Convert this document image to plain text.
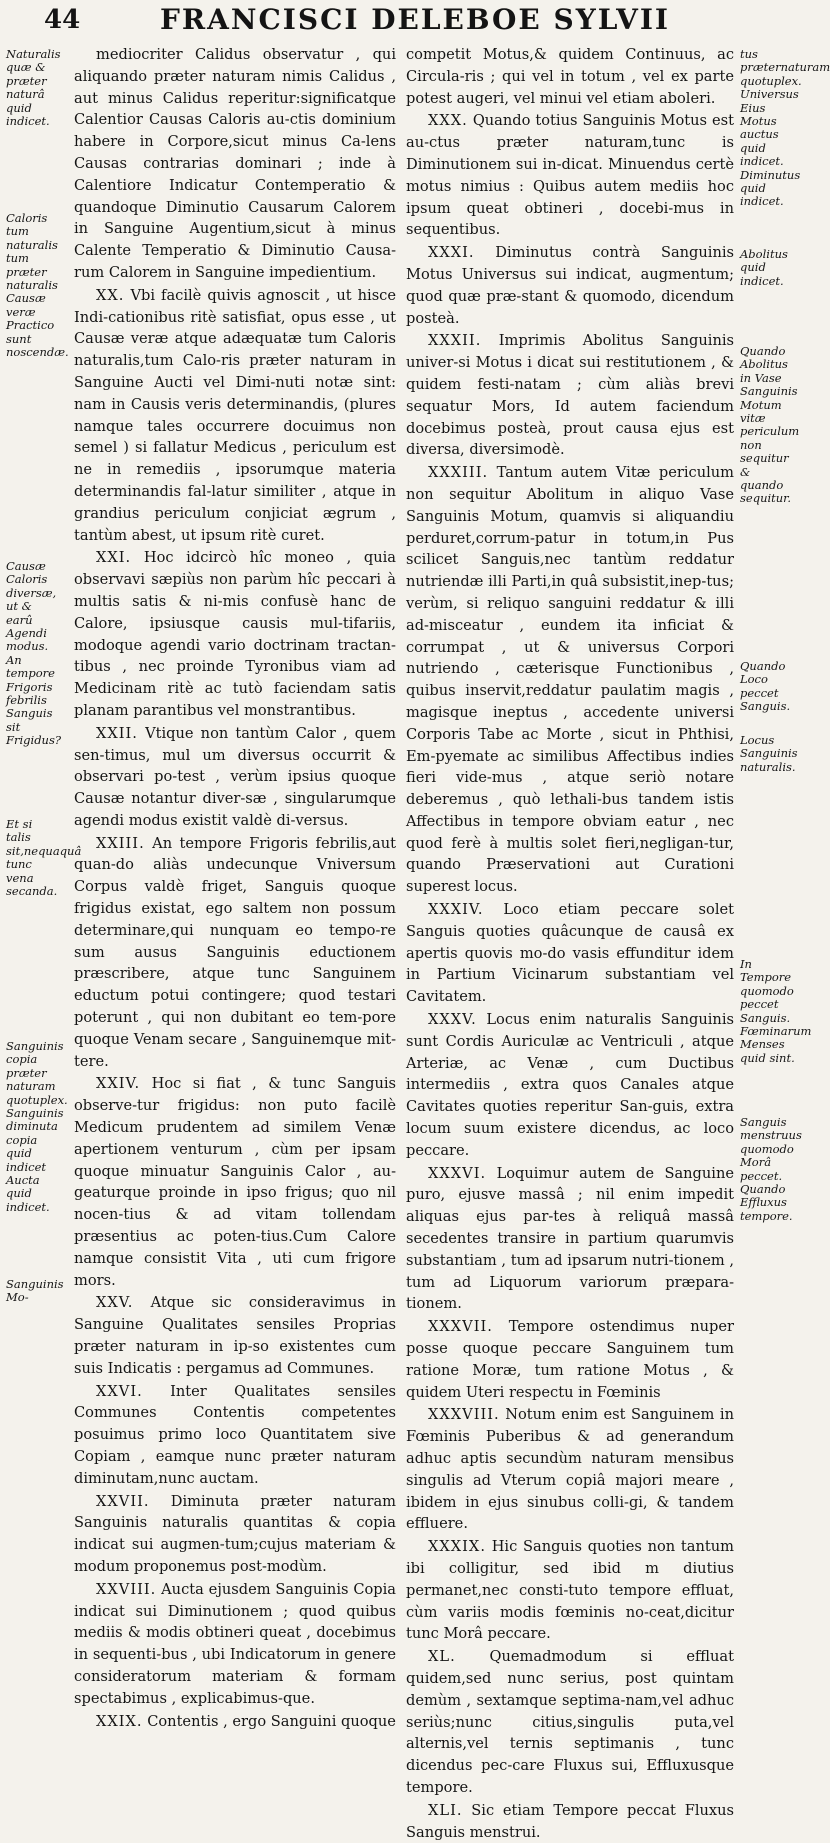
44	FRANCISCI DELEBOE SYLVII

mediocriter Calidus observatur , qui aliquando præter naturam nimis Calidus , aut minus Calidus reperitur:significatque Calentior Causas Caloris au-ctis dominium habere in Corpore,sicut minus Ca-lens Causas contrarias dominari ; inde à Calentiore Indicatur Contemperatio & quandoque Diminutio Causarum Calorem in Sanguine Augentium,sicut à minus Calente Temperatio & Diminutio Causa-rum Calorem in Sanguine impedientium.

XX. Vbi facilè quivis agnoscit , ut hisce Indi-cationibus ritè satisfiat, opus esse , ut Causæ veræ atque adæquatæ tum Caloris naturalis,tum Calo-ris præter naturam in Sanguine Aucti vel Dimi-nuti notæ sint: nam in Causis veris determinandis, (plures namque tales occurrere docuimus non semel ) si fallatur Medicus , periculum est ne in remediis , ipsorumque materia determinandis fal-latur similiter , atque in grandius periculum conjiciat ægrum , tantùm abest, ut ipsum ritè curet.

XXI. Hoc idcircò hîc moneo , quia observavi sæpiùs non parùm hîc peccari à multis satis & ni-mis confusè hanc de Calore, ipsiusque causis mul-tifariis, modoque agendi vario doctrinam tractan-tibus , nec proinde Tyronibus viam ad Medicinam ritè ac tutò faciendam satis planam parantibus vel monstrantibus.

XXII. Vtique non tantùm Calor , quem sen-timus, mul um diversus occurrit & observari po-test , verùm ipsius quoque Causæ notantur diver-sæ , singularumque agendi modus existit valdè di-versus.

XXIII. An tempore Frigoris febrilis,aut quan-do aliàs undecunque Vniversum Corpus valdè friget, Sanguis quoque frigidus existat, ego saltem non possum determinare,qui nunquam eo tempo-re sum ausus Sanguinis eductionem præscribere, atque tunc Sanguinem eductum potui contingere; quod testari poterunt , qui non dubitant eo tem-pore quoque Venam secare , Sanguinemque mit-tere.

XXIV. Hoc si fiat , & tunc Sanguis observe-tur frigidus: non puto facilè Medicum prudentem ad similem Venæ apertionem venturum , cùm per ipsam quoque minuatur Sanguinis Calor , au-geaturque proinde in ipso frigus; quo nil nocen-tius & ad vitam tollendam præsentius ac poten-tius.Cum Calore namque consistit Vita , uti cum frigore mors.

XXV. Atque sic consideravimus in Sanguine Qualitates sensiles Proprias præter naturam in ip-so existentes cum suis Indicatis : pergamus ad Communes.

XXVI. Inter Qualitates sensiles Communes Contentis competentes posuimus primo loco Quantitatem sive Copiam , eamque nunc præter naturam diminutam,nunc auctam.

XXVII. Diminuta præter naturam Sanguinis naturalis quantitas & copia indicat sui augmen-tum;cujus materiam & modum proponemus post-modùm.

XXVIII. Aucta ejusdem Sanguinis Copia indicat sui Diminutionem ; quod quibus mediis & modis obtineri queat , docebimus in sequenti-bus , ubi Indicatorum in genere consideratorum materiam & formam spectabimus , explicabimus-que.

XXIX. Contentis , ergo Sanguini quoque

competit Motus,& quidem Continuus, ac Circula-ris ; qui vel in totum , vel ex parte potest augeri, vel minui vel etiam aboleri.

XXX. Quando totius Sanguinis Motus est au-ctus præter naturam,tunc is Diminutionem sui in-dicat. Minuendus certè motus nimius : Quibus autem mediis hoc ipsum queat obtineri , docebi-mus in sequentibus.

XXXI. Diminutus contrà Sanguinis Motus Universus sui indicat, augmentum; quod quæ præ-stant & quomodo, dicendum posteà.

XXXII. Imprimis Abolitus Sanguinis univer-si Motus i dicat sui restitutionem , & quidem festi-natam ; cùm aliàs brevi sequatur Mors, Id autem faciendum docebimus posteà, prout causa ejus est diversa, diversimodè.

XXXIII. Tantum autem Vitæ periculum non sequitur Abolitum in aliquo Vase Sanguinis Motum, quamvis si aliquandiu perduret,corrum-patur in totum,in Pus scilicet Sanguis,nec tantùm reddatur nutriendæ illi Parti,in quâ subsistit,inep-tus; verùm, si reliquo sanguini reddatur & illi ad-misceatur , eundem ita inficiat & corrumpat , ut & universus Corpori nutriendo , cæterisque Functionibus , quibus inservit,reddatur paulatim magis , magisque ineptus , accedente universi Corporis Tabe ac Morte , sicut in Phthisi, Em-pyemate ac similibus Affectibus indies fieri vide-mus , atque seriò notare deberemus , quò lethali-bus tandem istis Affectibus in tempore obviam eatur , nec quod ferè à multis solet fieri,negligan-tur, quando Præservationi aut Curationi superest locus.

XXXIV. Loco etiam peccare solet Sanguis quoties quâcunque de causâ ex apertis quovis mo-do vasis effunditur idem in Partium Vicinarum substantiam vel Cavitatem.

XXXV. Locus enim naturalis Sanguinis sunt Cordis Auriculæ ac Ventriculi , atque Arteriæ, ac Venæ , cum Ductibus intermediis , extra quos Canales atque Cavitates quoties reperitur San-guis, extra locum suum existere dicendus, ac loco peccare.

XXXVI. Loquimur autem de Sanguine puro, ejusve massâ ; nil enim impedit aliquas ejus par-tes à reliquâ massâ secedentes transire in partium quarumvis substantiam , tum ad ipsarum nutri-tionem , tum ad Liquorum variorum præpara-tionem.

XXXVII. Tempore ostendimus nuper posse quoque peccare Sanguinem tum ratione Moræ, tum ratione Motus , & quidem Uteri respectu in Fœminis

XXXVIII. Notum enim est Sanguinem in Fœminis Puberibus & ad generandum adhuc aptis secundùm naturam mensibus singulis ad Vterum copiâ majori meare , ibidem in ejus sinubus colli-gi, & tandem effluere.

XXXIX. Hic Sanguis quoties non tantum ibi colligitur, sed ibid m diutius permanet,nec consti-tuto tempore effluat, cùm variis modis fœminis no-ceat,dicitur tunc Morâ peccare.

XL. Quemadmodum si effluat quidem,sed nunc serius, post quintam demùm , sextamque septima-nam,vel adhuc seriùs;nunc citius,singulis puta,vel alternis,vel ternis septimanis , tunc dicendus pec-care Fluxus sui, Effluxusque tempore.

XLI. Sic etiam Tempore peccat Fluxus Sanguis menstrui.

Naturalis quæ & præter naturâ quid indicet.
Caloris tum naturalis tum præter naturalis Causæ veræ Practico sunt noscendæ.
Causæ Caloris diversæ, ut & earû Agendi modus. An tempore Frigoris febrilis Sanguis sit Frigidus?
Et si talis sit,nequaquâ tunc vena secanda.
Sanguinis copia præter naturam quotuplex. Sanguinis diminuta copia quid indicet Aucta quid indicet.
Sanguinis Mo-
tus præternaturam quotuplex. Universus Eius Motus auctus quid indicet. Diminutus quid indicet.
Abolitus quid indicet.
Quando Abolitus in Vase Sanguinis Motum vitæ periculum non sequitur & quando sequitur.
Quando Loco peccet Sanguis.
Locus Sanguinis naturalis.
In Tempore quomodo peccet Sanguis. Fœminarum Menses quid sint.
Sanguis menstruus quomodo Morâ peccet. Quando Effluxus tempore.
